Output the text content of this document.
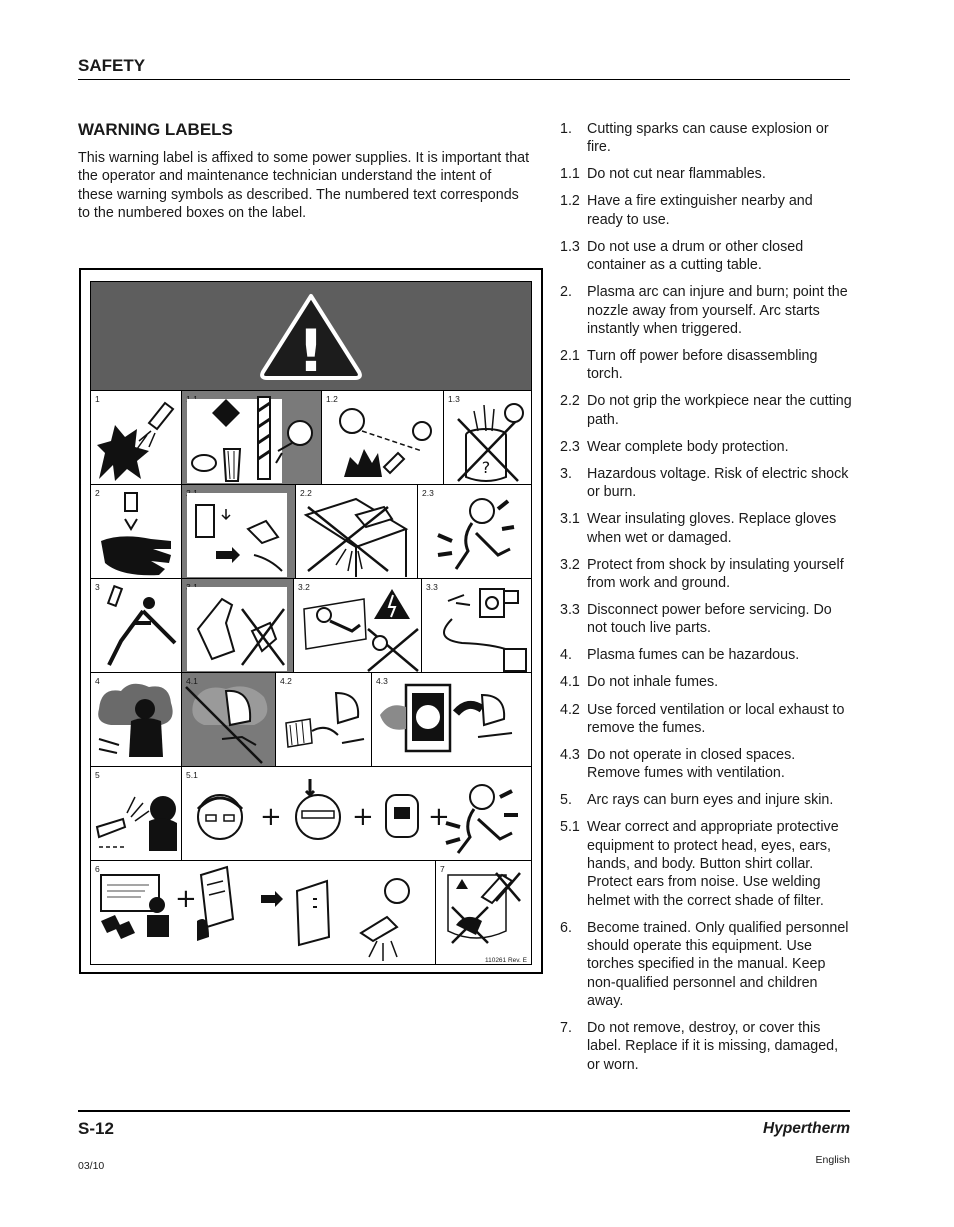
SAFETY
WARNING LABELS
This warning label is affixed to some power supplies. It is important that the operator and maintenance technician understand the intent of these warning symbols as described. The numbered text corresponds to the numbered boxes on the label.
1.	Cutting sparks can cause explosion or fire.
1.1 Do not cut near flammables.
1.2 Have a fire extinguisher nearby and ready to use.
1.3 Do not use a drum or other closed container as a cutting table.
2.	Plasma arc can injure and burn; point the nozzle away from yourself. Arc starts instantly when triggered.
2.1 Turn off power before disassembling torch.
2.2 Do not grip the workpiece near the cutting path.
2.3 Wear complete body protection.
3.	Hazardous voltage. Risk of electric shock or burn.
3.1 Wear insulating gloves. Replace gloves when wet or damaged.
3.2 Protect from shock by insulating yourself from work and ground.
3.3 Disconnect power before servicing. Do not touch live parts.
4.	Plasma fumes can be hazardous.
4.1 Do not inhale fumes.
4.2 Use forced ventilation or local exhaust to remove the fumes.
4.3 Do not operate in closed spaces. Remove fumes with ventilation.
5.	Arc rays can burn eyes and injure skin.
5.1 Wear correct and appropriate protective equipment to protect head, eyes, ears, hands, and body. Button shirt collar. Protect ears from noise. Use welding helmet with the correct shade of filter.
6.	Become trained. Only qualified personnel should operate this equipment. Use torches specified in the manual. Keep non-qualified personnel and children away.
7.	Do not remove, destroy, or cover this label. Replace if it is missing, damaged, or worn.
!
1	1.2	1.3
?
2	2.2	2.3
3	3.2	3.3
4	4.1	4.2	4.3
5	5.1
+	+ +
6
+
7
110261 Rev. E
S-12	Hypertherm
03/10	English
